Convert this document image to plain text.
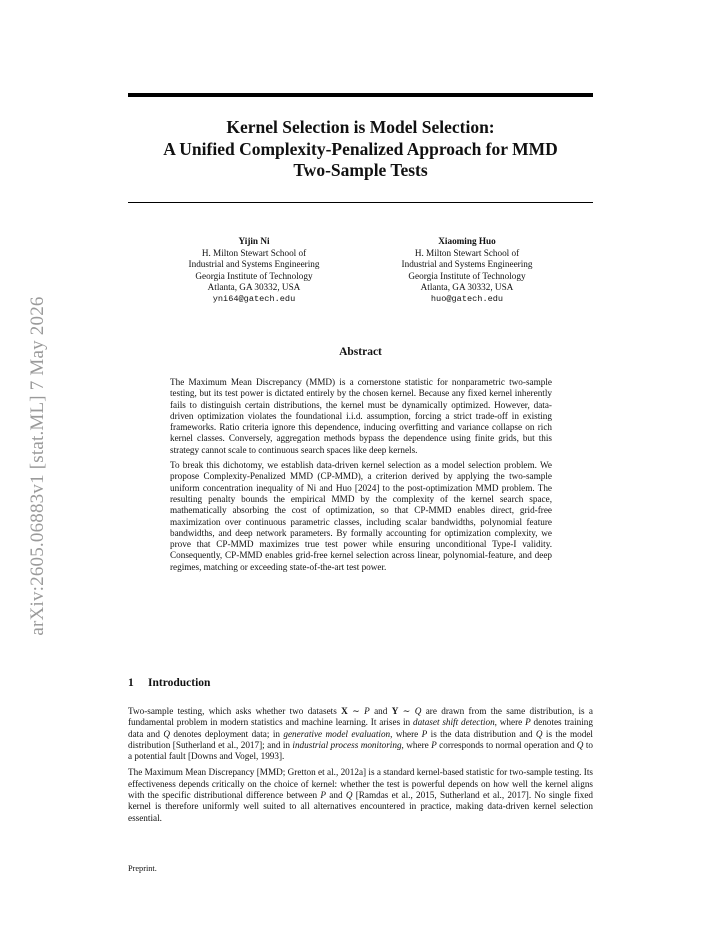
arXiv:2605.06883v1 [stat.ML] 7 May 2026
Kernel Selection is Model Selection:
A Unified Complexity-Penalized Approach for MMD
Two-Sample Tests
Yijin Ni
H. Milton Stewart School of
Industrial and Systems Engineering
Georgia Institute of Technology
Atlanta, GA 30332, USA
yni64@gatech.edu
Xiaoming Huo
H. Milton Stewart School of
Industrial and Systems Engineering
Georgia Institute of Technology
Atlanta, GA 30332, USA
huo@gatech.edu
Abstract

The Maximum Mean Discrepancy (MMD) is a cornerstone statistic for nonparametric two-sample testing, but its test power is dictated entirely by the chosen kernel. Because any fixed kernel inherently fails to distinguish certain distributions, the kernel must be dynamically optimized. However, data-driven optimization violates the foundational i.i.d. assumption, forcing a strict trade-off in existing frameworks. Ratio criteria ignore this dependence, inducing overfitting and variance collapse on rich kernel classes. Conversely, aggregation methods bypass the dependence using finite grids, but this strategy cannot scale to continuous search spaces like deep kernels.

To break this dichotomy, we establish data-driven kernel selection as a model selection problem. We propose Complexity-Penalized MMD (CP-MMD), a criterion derived by applying the two-sample uniform concentration inequality of Ni and Huo [2024] to the post-optimization MMD problem. The resulting penalty bounds the empirical MMD by the complexity of the kernel search space, mathematically absorbing the cost of optimization, so that CP-MMD enables direct, grid-free maximization over continuous parametric classes, including scalar bandwidths, polynomial feature bandwidths, and deep network parameters. By formally accounting for optimization complexity, we prove that CP-MMD maximizes true test power while ensuring unconditional Type-I validity. Consequently, CP-MMD enables grid-free kernel selection across linear, polynomial-feature, and deep regimes, matching or exceeding state-of-the-art test power.

1 Introduction

Two-sample testing, which asks whether two datasets X ∼ P and Y ∼ Q are drawn from the same distribution, is a fundamental problem in modern statistics and machine learning. It arises in dataset shift detection, where P denotes training data and Q denotes deployment data; in generative model evaluation, where P is the data distribution and Q is the model distribution [Sutherland et al., 2017]; and in industrial process monitoring, where P corresponds to normal operation and Q to a potential fault [Downs and Vogel, 1993].

The Maximum Mean Discrepancy [MMD; Gretton et al., 2012a] is a standard kernel-based statistic for two-sample testing. Its effectiveness depends critically on the choice of kernel: whether the test is powerful depends on how well the kernel aligns with the specific distributional difference between P and Q [Ramdas et al., 2015, Sutherland et al., 2017]. No single fixed kernel is therefore uniformly well suited to all alternatives encountered in practice, making data-driven kernel selection essential.

Preprint.
